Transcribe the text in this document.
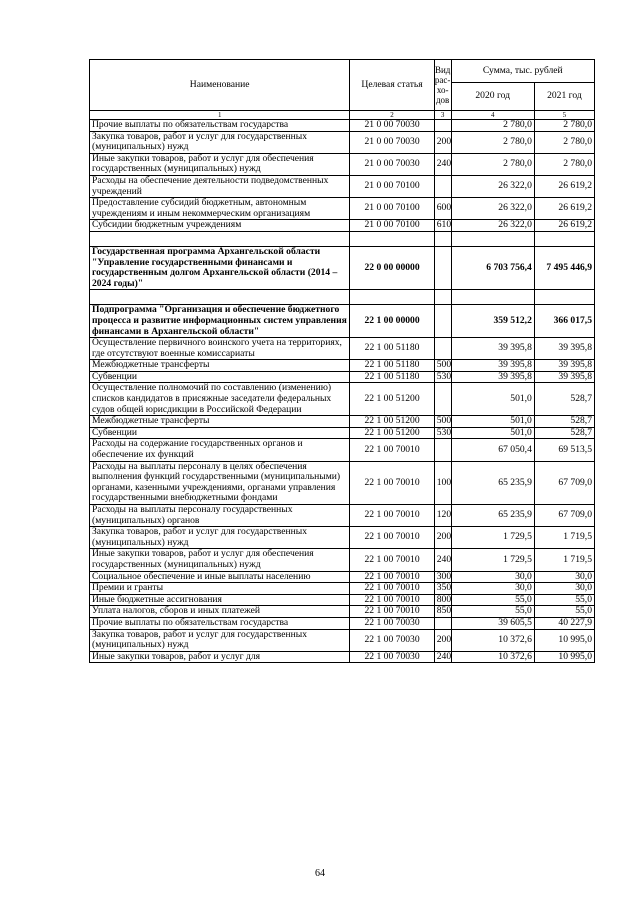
Наименование	Целевая статья	Вид рас-хо-дов	Сумма, тыс. рублей	
			2020 год	2021 год
1	2	3	4	5
Прочие выплаты по обязательствам государства	21 0 00 70030		2 780,0	2 780,0
Закупка товаров, работ и услуг для государственных (муниципальных) нужд	21 0 00 70030	200	2 780,0	2 780,0
Иные закупки товаров, работ и услуг для обеспечения государственных (муниципальных) нужд	21 0 00 70030	240	2 780,0	2 780,0
Расходы на обеспечение деятельности подведомственных учреждений	21 0 00 70100		26 322,0	26 619,2
Предоставление субсидий бюджетным, автономным учреждениям и иным некоммерческим организациям	21 0 00 70100	600	26 322,0	26 619,2
Субсидии бюджетным учреждениям	21 0 00 70100	610	26 322,0	26 619,2

Государственная программа Архангельской области "Управление государственными финансами и государственным долгом Архангельской области (2014 – 2024 годы)"	22 0 00 00000		6 703 756,4	7 495 446,9

Подпрограмма "Организация и обеспечение бюджетного процесса и развитие информационных систем управления финансами в Архангельской области"	22 1 00 00000		359 512,2	366 017,5
Осуществление первичного воинского учета на территориях, где отсутствуют военные комиссариаты	22 1 00 51180		39 395,8	39 395,8
Межбюджетные трансферты	22 1 00 51180	500	39 395,8	39 395,8
Субвенции	22 1 00 51180	530	39 395,8	39 395,8
Осуществление полномочий по составлению (изменению) списков кандидатов в присяжные заседатели федеральных судов общей юрисдикции в Российской Федерации	22 1 00 51200		501,0	528,7
Межбюджетные трансферты	22 1 00 51200	500	501,0	528,7
Субвенции	22 1 00 51200	530	501,0	528,7
Расходы на содержание государственных органов и обеспечение их функций	22 1 00 70010		67 050,4	69 513,5
Расходы на выплаты персоналу в целях обеспечения выполнения функций государственными (муниципальными) органами, казенными учреждениями, органами управления государственными внебюджетными фондами	22 1 00 70010	100	65 235,9	67 709,0
Расходы на выплаты персоналу государственных (муниципальных) органов	22 1 00 70010	120	65 235,9	67 709,0
Закупка товаров, работ и услуг для государственных (муниципальных) нужд	22 1 00 70010	200	1 729,5	1 719,5
Иные закупки товаров, работ и услуг для обеспечения государственных (муниципальных) нужд	22 1 00 70010	240	1 729,5	1 719,5
Социальное обеспечение и иные выплаты населению	22 1 00 70010	300	30,0	30,0
Премии и гранты	22 1 00 70010	350	30,0	30,0
Иные бюджетные ассигнования	22 1 00 70010	800	55,0	55,0
Уплата налогов, сборов и иных платежей	22 1 00 70010	850	55,0	55,0
Прочие выплаты по обязательствам государства	22 1 00 70030		39 605,5	40 227,9
Закупка товаров, работ и услуг для государственных (муниципальных) нужд	22 1 00 70030	200	10 372,6	10 995,0
Иные закупки товаров, работ и услуг для	22 1 00 70030	240	10 372,6	10 995,0
64
